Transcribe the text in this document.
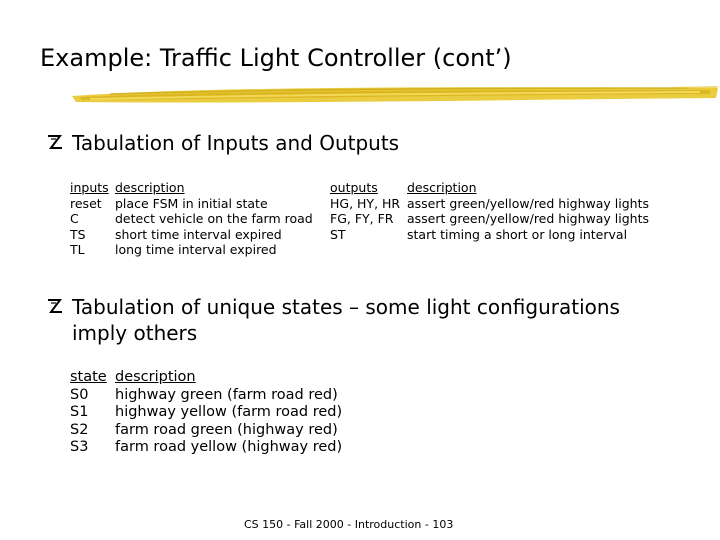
Example: Traffic Light Controller (cont’)
Tabulation of Inputs and Outputs
inputs description
reset place FSM in initial state
C	detect vehicle on the farm road
TS short time interval expired
TL long time interval expired
outputs description
HG, HY, HR assert green/yellow/red highway lights
FG, FY, FR assert green/yellow/red highway lights
ST	start timing a short or long interval
Tabulation of unique states – some light configurations
imply others
state description
S0 highway green (farm road red)
S1 highway yellow (farm road red)
S2 farm road green (highway red)
S3 farm road yellow (highway red)
CS 150 - Fall 2000 - Introduction - 103
